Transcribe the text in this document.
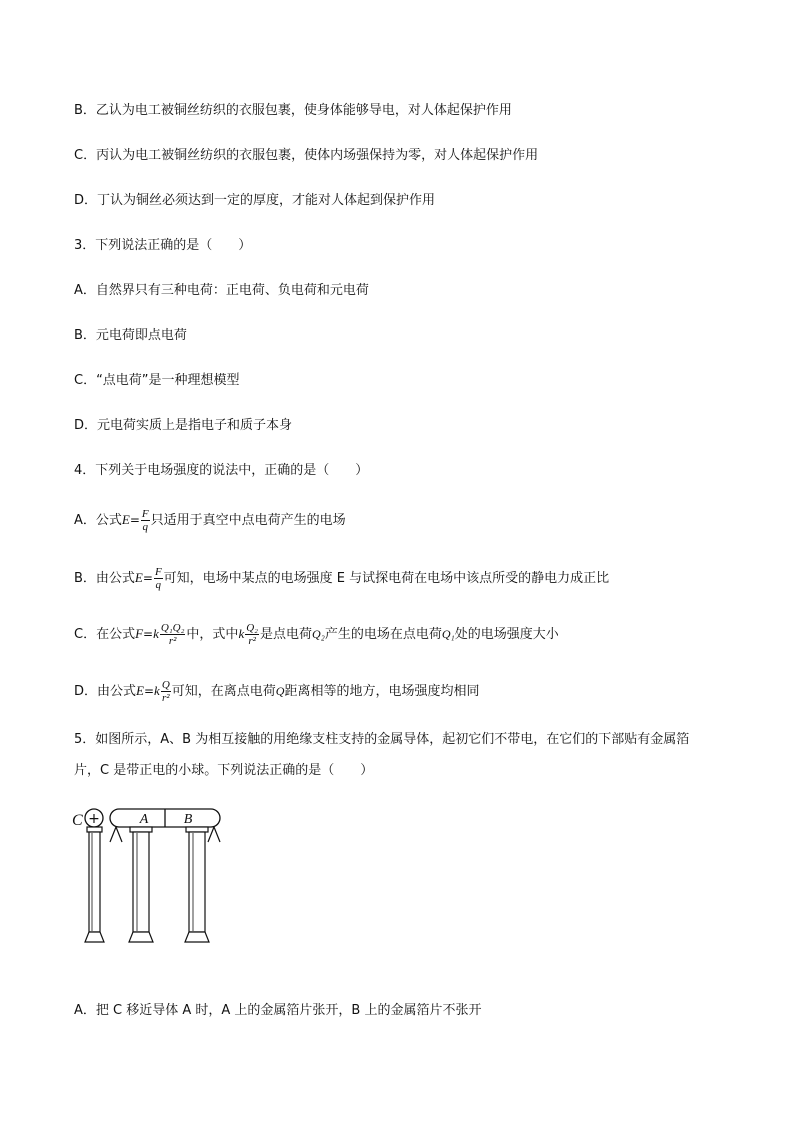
B．乙认为电工被铜丝纺织的衣服包裹，使身体能够导电，对人体起保护作用
C．丙认为电工被铜丝纺织的衣服包裹，使体内场强保持为零，对人体起保护作用
D．丁认为铜丝必须达到一定的厚度，才能对人体起到保护作用
3．下列说法正确的是（　　）
A．自然界只有三种电荷：正电荷、负电荷和元电荷
B．元电荷即点电荷
C．“点电荷”是一种理想模型
D．元电荷实质上是指电子和质子本身
4．下列关于电场强度的说法中，正确的是（　　）
A．公式$E= \frac{F}{q}$ 只适用于真空中点电荷产生的电场
B．由公式$E= \frac{F}{q}$ 可知，电场中某点的电场强度 E 与试探电荷在电场中该点所受的静电力成正比
C．在公式$F=k \frac{\text{Q₁Q₂}}{\text{r²}}$ 中，式中k $\frac{\text{Q₂}}{\text{r²}}$ 是点电荷Q₂产生的电场在点电荷Q₁处的电场强度大小
D．由公式$E=k \frac{Q}{\text{r²}}$ 可知，在离点电荷Q距离相等的地方，电场强度均相同
5．如图所示，A、B 为相互接触的用绝缘支柱支持的金属导体，起初它们不带电，在它们的下部贴有金属箔
片，C 是带正电的小球。下列说法正确的是（　　）
C +	A	B
A．把 C 移近导体 A 时，A 上的金属箔片张开，B 上的金属箔片不张开
